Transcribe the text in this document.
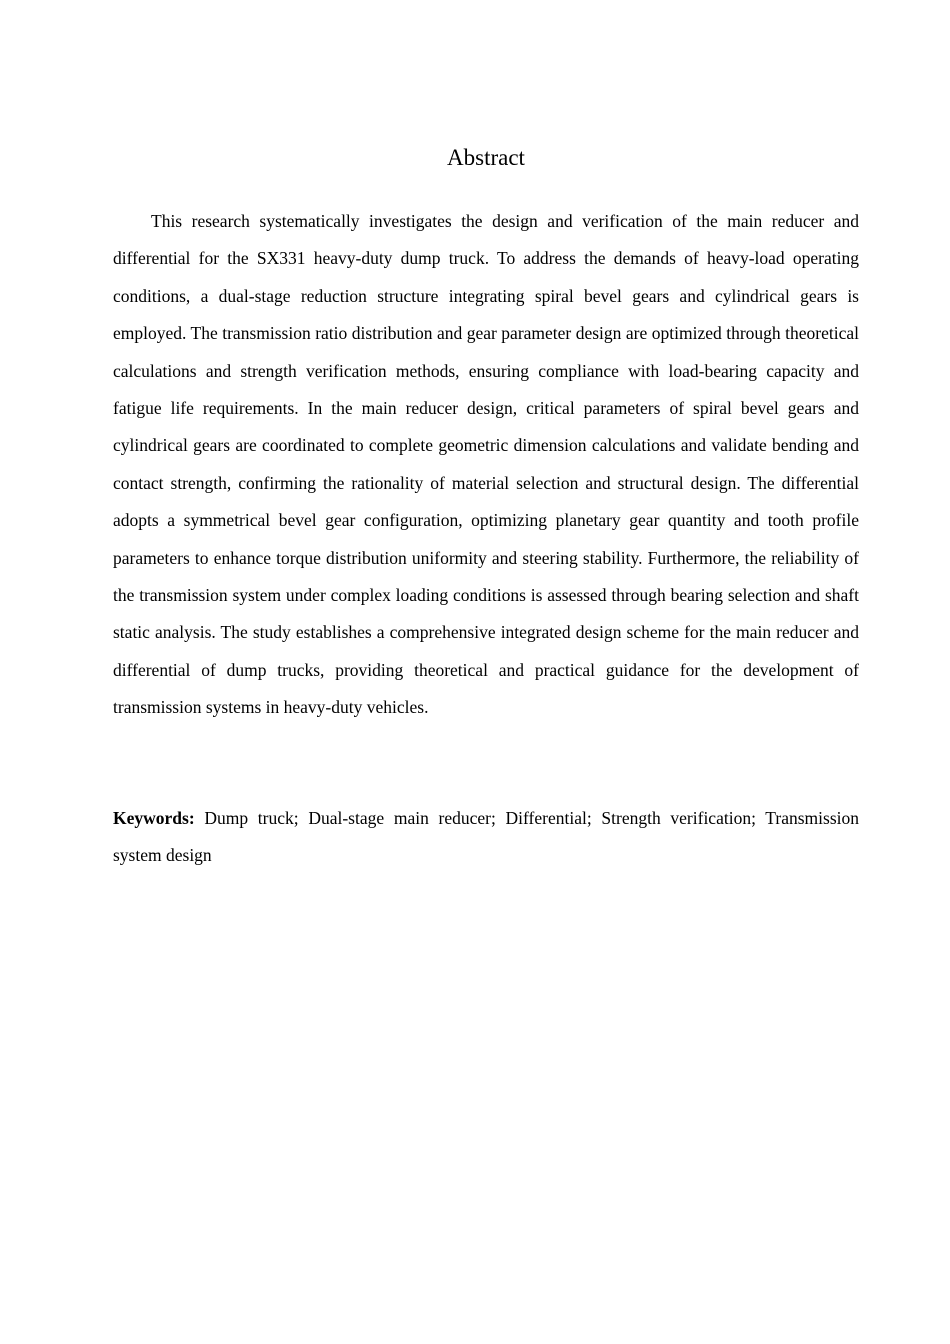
Abstract

This research systematically investigates the design and verification of the main reducer and differential for the SX331 heavy-duty dump truck. To address the demands of heavy-load operating conditions, a dual-stage reduction structure integrating spiral bevel gears and cylindrical gears is employed. The transmission ratio distribution and gear parameter design are optimized through theoretical calculations and strength verification methods, ensuring compliance with load-bearing capacity and fatigue life requirements. In the main reducer design, critical parameters of spiral bevel gears and cylindrical gears are coordinated to complete geometric dimension calculations and validate bending and contact strength, confirming the rationality of material selection and structural design. The differential adopts a symmetrical bevel gear configuration, optimizing planetary gear quantity and tooth profile parameters to enhance torque distribution uniformity and steering stability. Furthermore, the reliability of the transmission system under complex loading conditions is assessed through bearing selection and shaft static analysis. The study establishes a comprehensive integrated design scheme for the main reducer and differential of dump trucks, providing theoretical and practical guidance for the development of transmission systems in heavy-duty vehicles.

Keywords: Dump truck; Dual-stage main reducer; Differential; Strength verification; Transmission system design
